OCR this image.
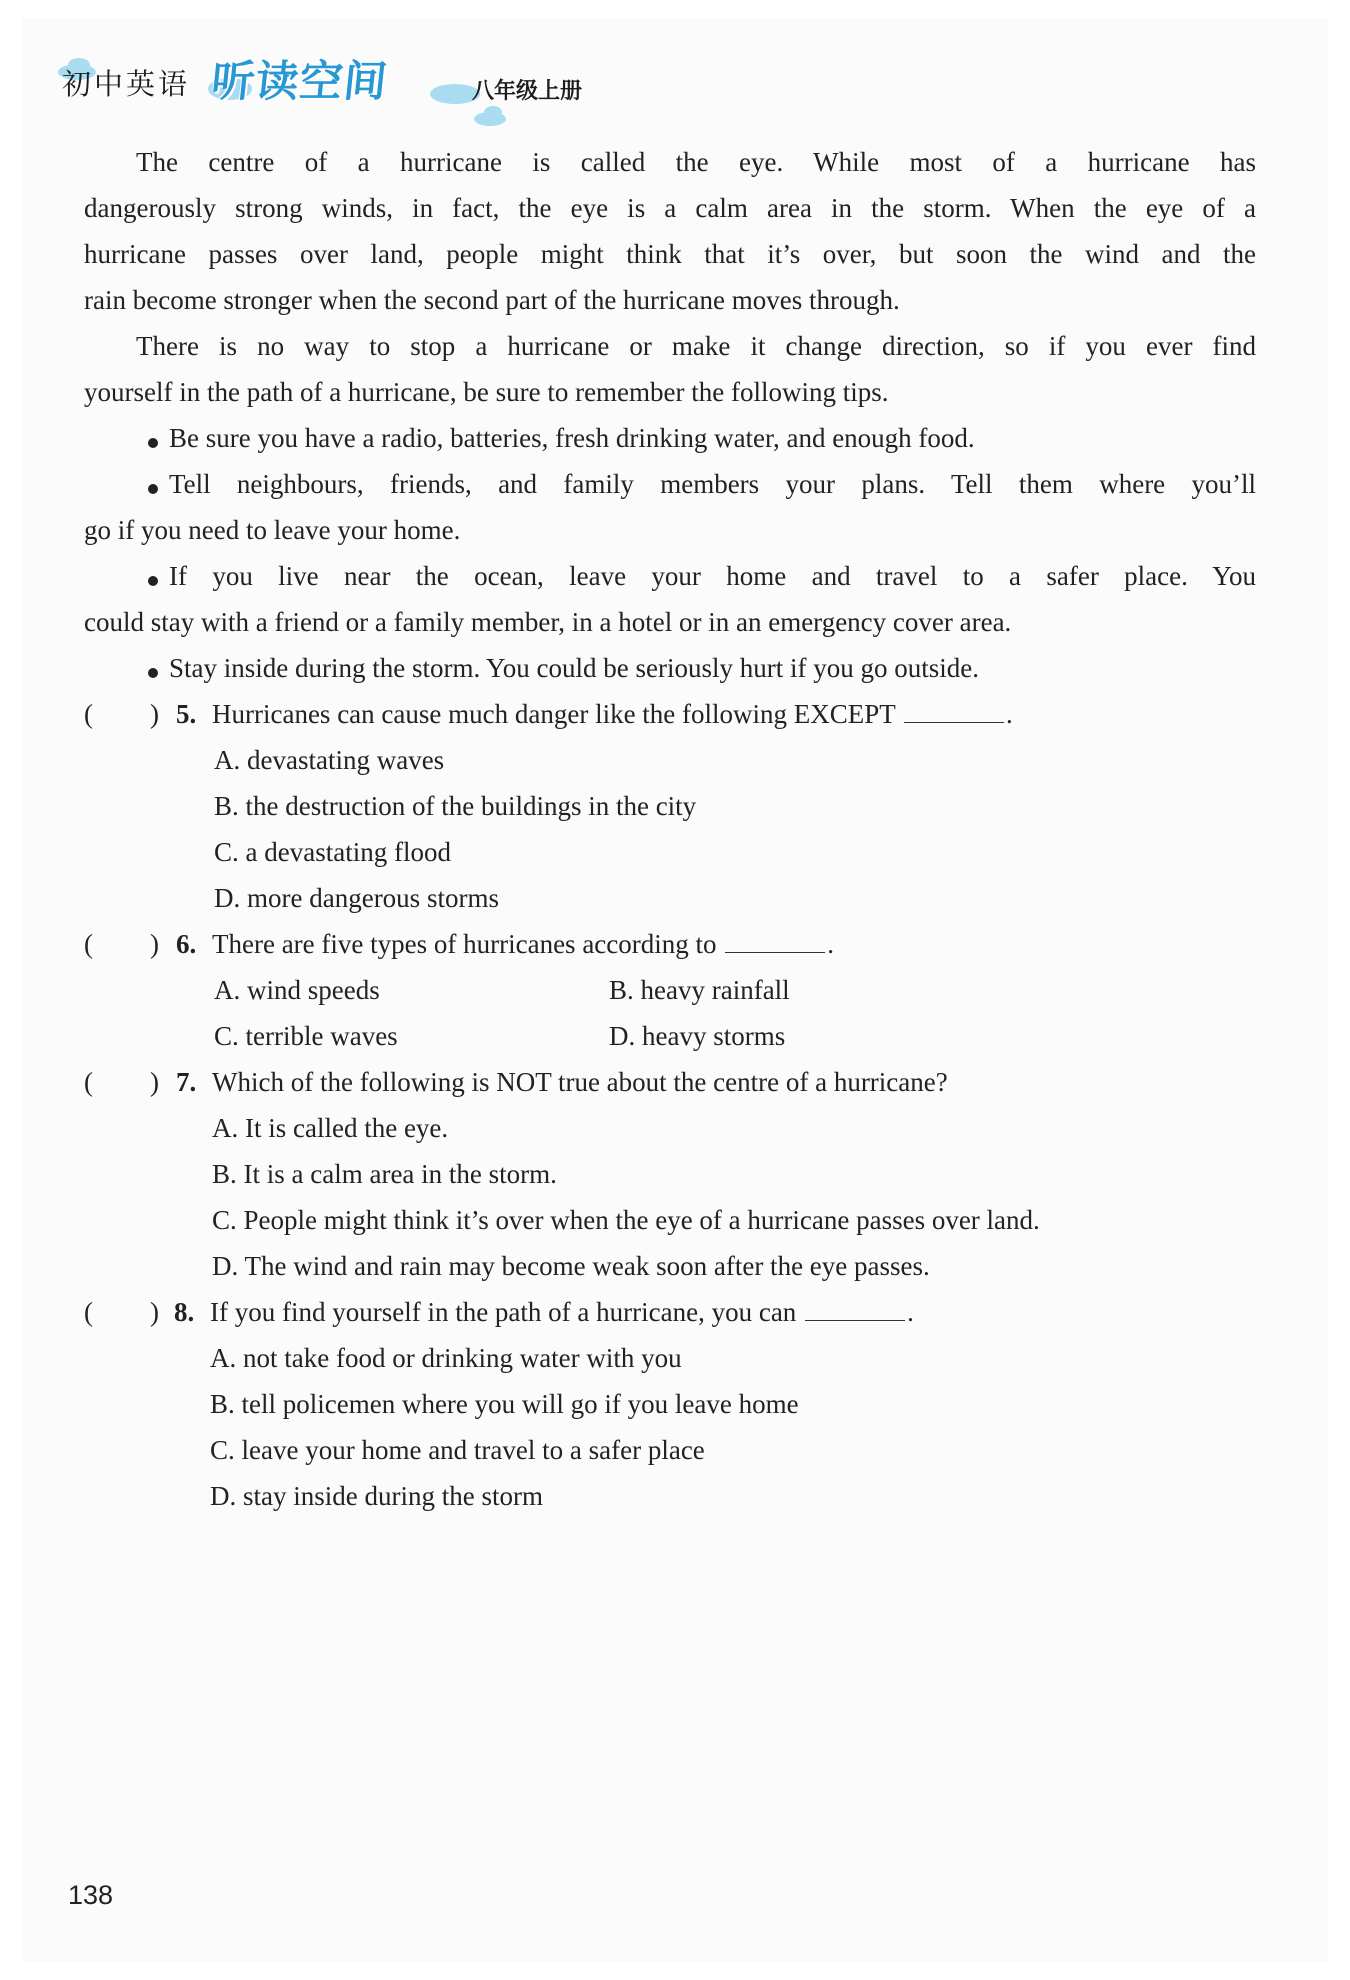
初中英语 听读空间	八年级上册
The centre of a hurricane is called the eye. While most of a hurricane has
dangerously strong winds, in fact, the eye is a calm area in the storm. When the eye of a
hurricane passes over land, people might think that it’s over, but soon the wind and the
rain become stronger when the second part of the hurricane moves through.
There is no way to stop a hurricane or make it change direction, so if you ever find
yourself in the path of a hurricane, be sure to remember the following tips.
Be sure you have a radio, batteries, fresh drinking water, and enough food.
Tell neighbours, friends, and family members your plans. Tell them where you’ll
go if you need to leave your home.
If you live near the ocean, leave your home and travel to a safer place. You
could stay with a friend or a family member, in a hotel or in an emergency cover area.
Stay inside during the storm. You could be seriously hurt if you go outside.
( ) 5. Hurricanes can cause much danger like the following EXCEPT	.
A. devastating waves
B. the destruction of the buildings in the city
C. a devastating flood
D. more dangerous storms
( ) 6. There are five types of hurricanes according to	.
A. wind speeds	B. heavy rainfall
C. terrible waves	D. heavy storms
( ) 7. Which of the following is NOT true about the centre of a hurricane?
A. It is called the eye.
B. It is a calm area in the storm.
C. People might think it’s over when the eye of a hurricane passes over land.
D. The wind and rain may become weak soon after the eye passes.
( ) 8. If you find yourself in the path of a hurricane, you can	.
A. not take food or drinking water with you
B. tell policemen where you will go if you leave home
C. leave your home and travel to a safer place
D. stay inside during the storm
138
